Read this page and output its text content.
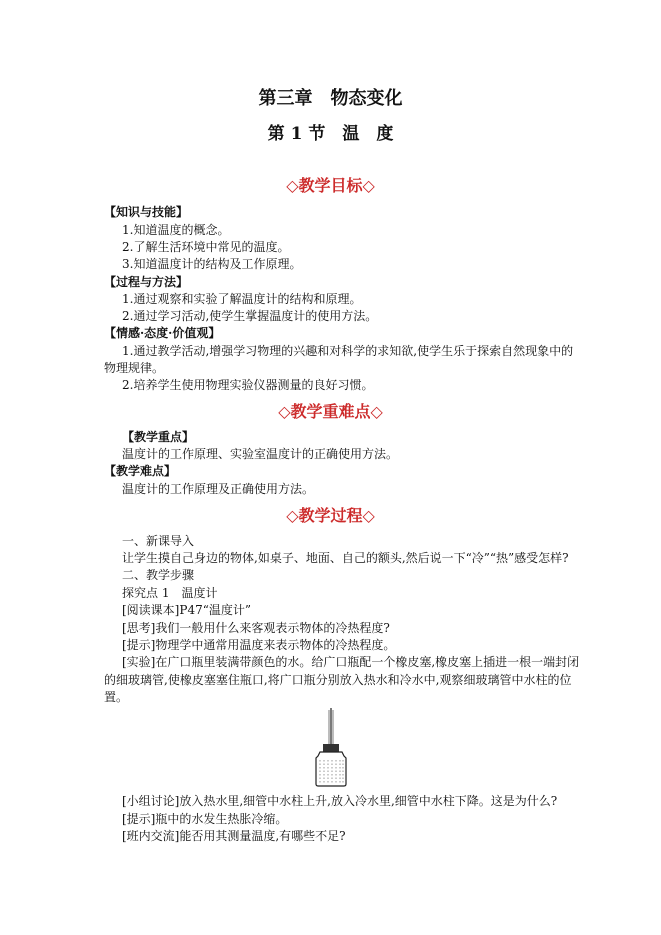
第三章　物态变化
第 1 节　温　度
◇教学目标◇
【知识与技能】
1.知道温度的概念。
2.了解生活环境中常见的温度。
3.知道温度计的结构及工作原理。
【过程与方法】
1.通过观察和实验了解温度计的结构和原理。
2.通过学习活动,使学生掌握温度计的使用方法。
【情感·态度·价值观】
1.通过教学活动,增强学习物理的兴趣和对科学的求知欲,使学生乐于探索自然现象中的
物理规律。
2.培养学生使用物理实验仪器测量的良好习惯。
◇教学重难点◇
【教学重点】
温度计的工作原理、实验室温度计的正确使用方法。
【教学难点】
温度计的工作原理及正确使用方法。
◇教学过程◇
一、新课导入
让学生摸自己身边的物体,如桌子、地面、自己的额头,然后说一下“冷”“热”感受怎样?
二、教学步骤
探究点 1　温度计
[阅读课本]P47“温度计”
[思考]我们一般用什么来客观表示物体的冷热程度?
[提示]物理学中通常用温度来表示物体的冷热程度。
[实验]在广口瓶里装满带颜色的水。给广口瓶配一个橡皮塞,橡皮塞上插进一根一端封闭
的细玻璃管,使橡皮塞塞住瓶口,将广口瓶分别放入热水和冷水中,观察细玻璃管中水柱的位
置。
[小组讨论]放入热水里,细管中水柱上升,放入冷水里,细管中水柱下降。这是为什么?
[提示]瓶中的水发生热胀冷缩。
[班内交流]能否用其测量温度,有哪些不足?
